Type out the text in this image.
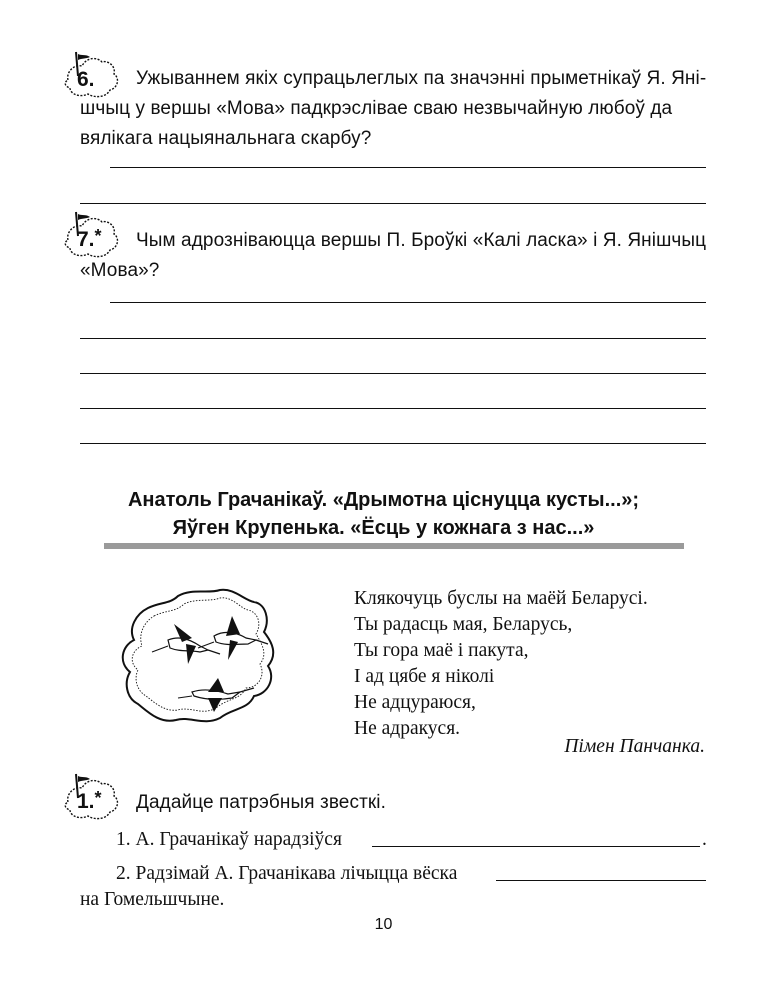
6. Ужываннем якіх супрацьлеглых па значэнні прыметнікаў Я. Яні-
шчыц у вершы «Мова» падкрэслівае сваю незвычайную любоў да
вялікага нацыянальнага скарбу?
7.* Чым адрозніваюцца вершы П. Броўкі «Калі ласка» і Я. Янішчыц
«Мова»?
Анатоль Грачанікаў. «Дрымотна ціснуцца кусты...»;
Яўген Крупенька. «Ёсць у кожнага з нас...»
Клякочуць буслы на маёй Беларусі.
Ты радасць мая, Беларусь,
Ты гора маё і пакута,
І ад цябе я ніколі
Не адцураюся,
Не адракуся.
Пімен Панчанка.
1.* Дадайце патрэбныя звесткі.
1. А. Грачанікаў нарадзіўся	.
2. Радзімай А. Грачанікава лічыцца вёска
на Гомельшчыне.
10
